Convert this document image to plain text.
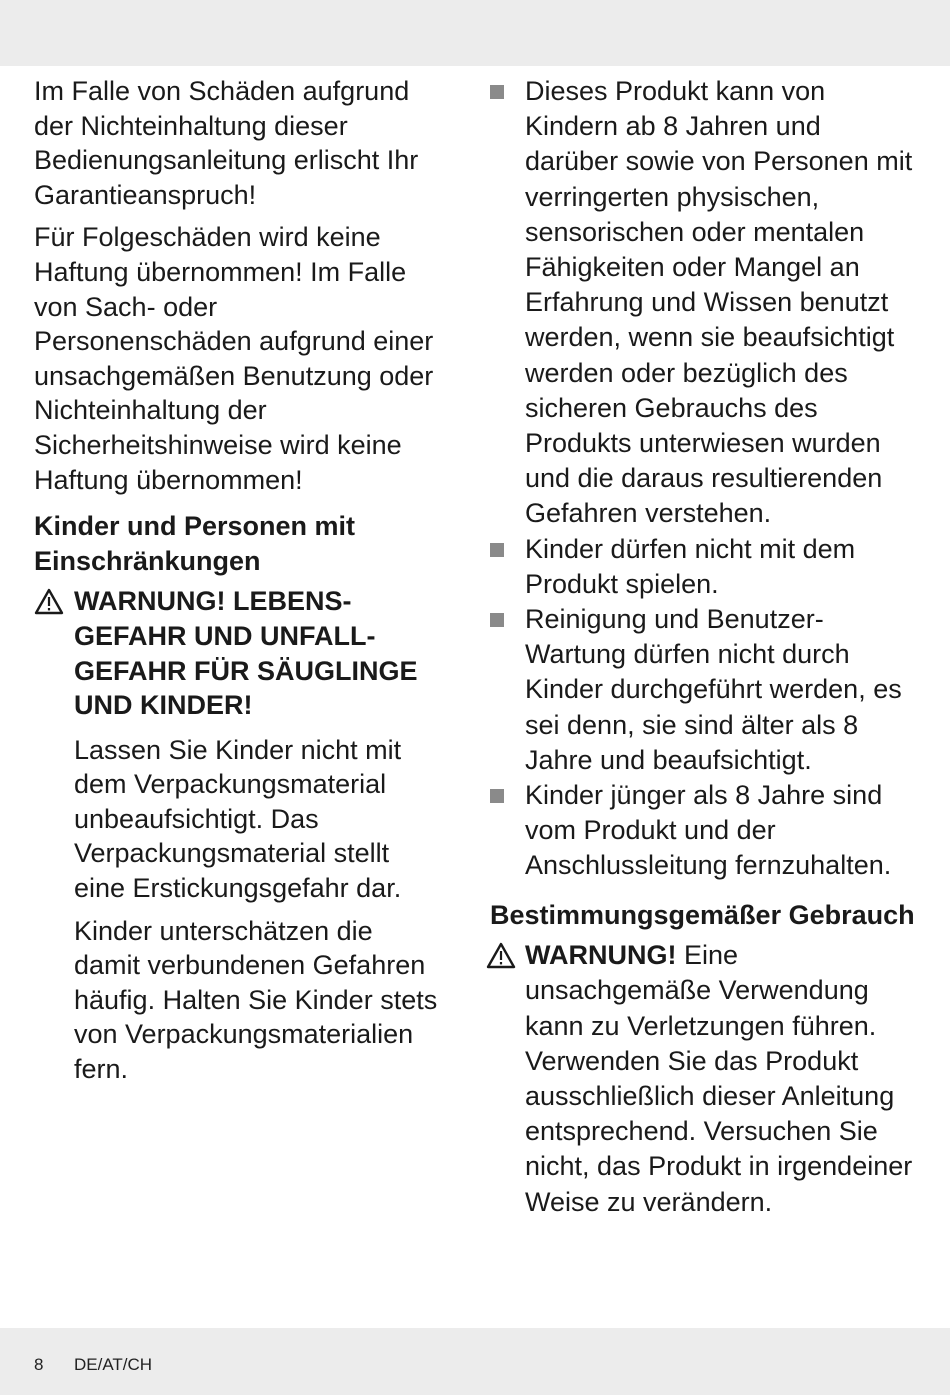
Im Falle von Schäden aufgrund der Nichteinhaltung dieser Bedienungsanleitung erlischt Ihr Garantieanspruch!

Für Folgeschäden wird keine Haftung übernommen! Im Falle von Sach- oder Personenschäden aufgrund einer unsachgemäßen Benutzung oder Nichteinhaltung der Sicherheitshinweise wird keine Haftung übernommen!

Kinder und Personen mit Einschränkungen

WARNUNG! LEBENS-GEFAHR UND UNFALL-GEFAHR FÜR SÄUGLINGE UND KINDER!

Lassen Sie Kinder nicht mit dem Verpackungsmaterial unbeaufsichtigt. Das Verpackungsmaterial stellt eine Erstickungsgefahr dar.

Kinder unterschätzen die damit verbundenen Gefahren häufig. Halten Sie Kinder stets von Verpackungsmaterialien fern.

Dieses Produkt kann von Kindern ab 8 Jahren und darüber sowie von Personen mit verringerten physischen, sensorischen oder mentalen Fähigkeiten oder Mangel an Erfahrung und Wissen benutzt werden, wenn sie beaufsichtigt werden oder bezüglich des sicheren Gebrauchs des Produkts unterwiesen wurden und die daraus resultierenden Gefahren verstehen.
Kinder dürfen nicht mit dem Produkt spielen.
Reinigung und Benutzer-Wartung dürfen nicht durch Kinder durchgeführt werden, es sei denn, sie sind älter als 8 Jahre und beaufsichtigt.
Kinder jünger als 8 Jahre sind vom Produkt und der Anschlussleitung fernzuhalten.

Bestimmungsgemäßer Gebrauch

WARNUNG! Eine unsachgemäße Verwendung kann zu Verletzungen führen. Verwenden Sie das Produkt ausschließlich dieser Anleitung entsprechend. Versuchen Sie nicht, das Produkt in irgendeiner Weise zu verändern.
8 DE/AT/CH
